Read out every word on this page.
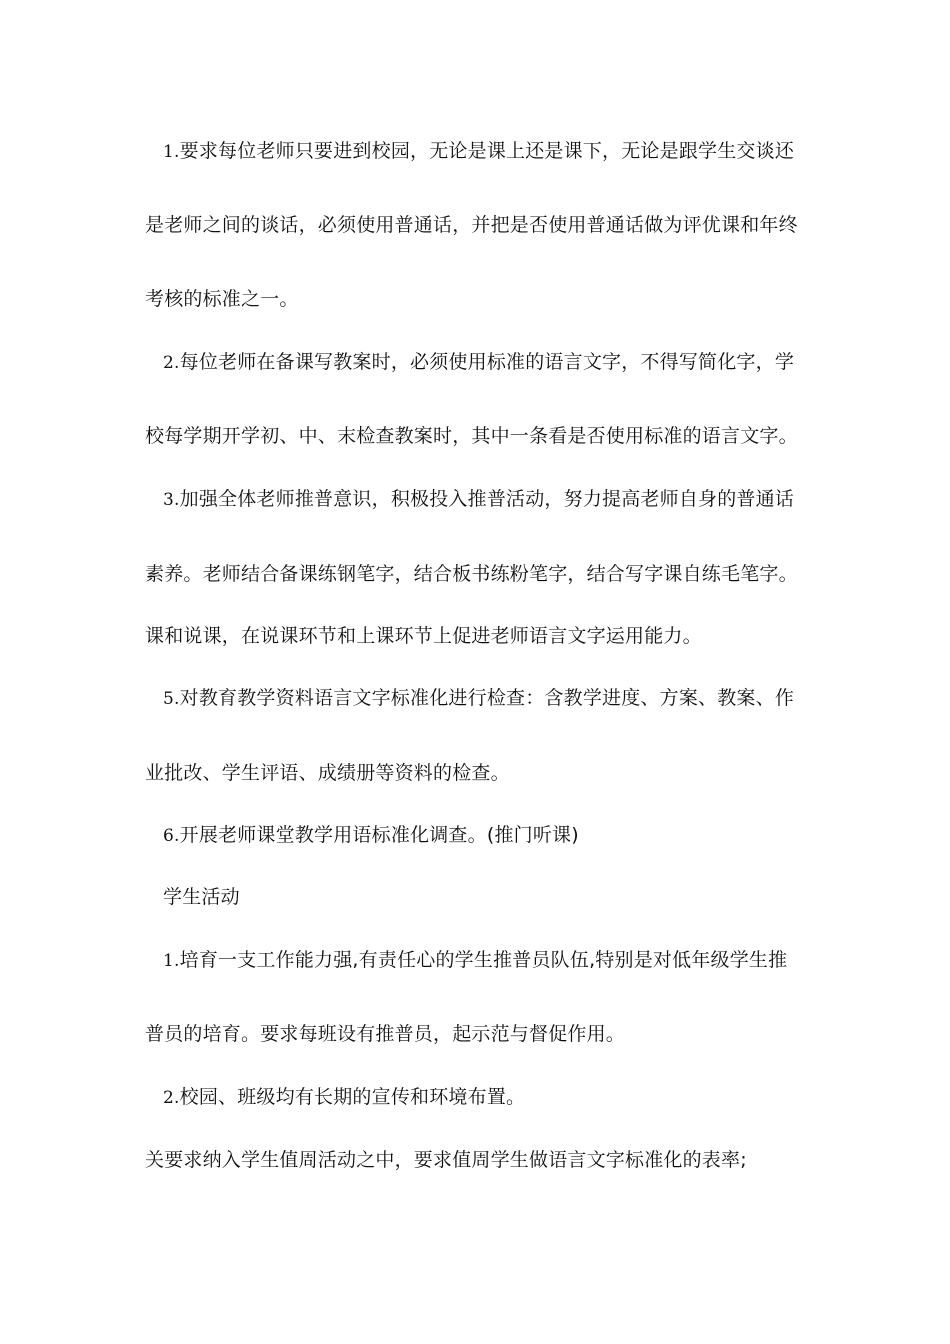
1.要求每位老师只要进到校园，无论是课上还是课下，无论是跟学生交谈还
是老师之间的谈话，必须使用普通话，并把是否使用普通话做为评优课和年终
考核的标准之一。
2.每位老师在备课写教案时，必须使用标准的语言文字，不得写简化字，学
校每学期开学初、中、末检查教案时，其中一条看是否使用标准的语言文字。
3.加强全体老师推普意识，积极投入推普活动，努力提高老师自身的普通话
素养。老师结合备课练钢笔字，结合板书练粉笔字，结合写字课自练毛笔字。
课和说课，在说课环节和上课环节上促进老师语言文字运用能力。
5.对教育教学资料语言文字标准化进行检查：含教学进度、方案、教案、作
业批改、学生评语、成绩册等资料的检查。
6.开展老师课堂教学用语标准化调查。(推门听课)
学生活动
1.培育一支工作能力强,有责任心的学生推普员队伍,特别是对低年级学生推
普员的培育。要求每班设有推普员，起示范与督促作用。
2.校园、班级均有长期的宣传和环境布置。
关要求纳入学生值周活动之中，要求值周学生做语言文字标准化的表率;
